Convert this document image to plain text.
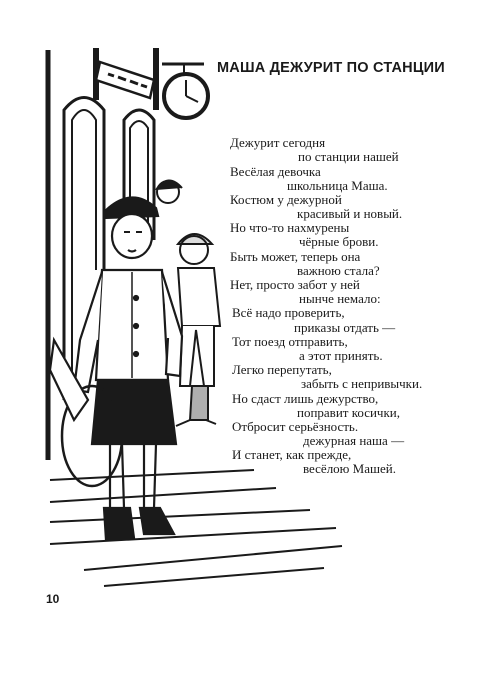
МАША ДЕЖУРИТ ПО СТАНЦИИ
Дежурит сегодня
по станции нашей
Весёлая девочка
школьница Маша.
Костюм у дежурной
красивый и новый.
Но что-то нахмурены
чёрные брови.
Быть может, теперь она
важною стала?
Нет, просто забот у ней
нынче немало:
Всё надо проверить,
приказы отдать —
Тот поезд отправить,
а этот принять.
Легко перепутать,
забыть с непривычки.
Но сдаст лишь дежурство,
поправит косички,
Отбросит серьёзность.
дежурная наша —
И станет, как прежде,
весёлою Машей.
10
